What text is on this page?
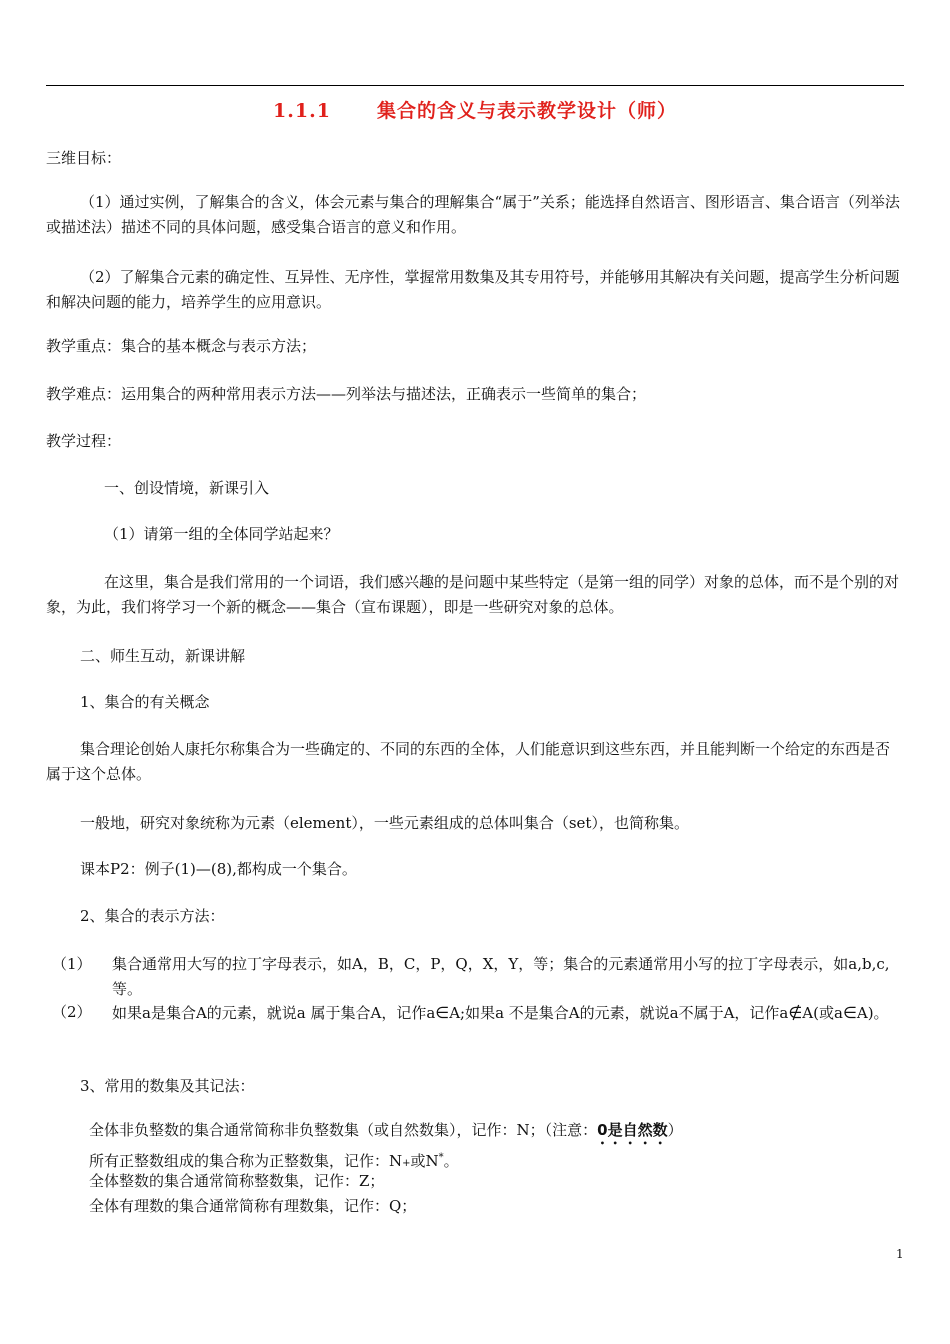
1.1.1 集合的含义与表示教学设计（师）
三维目标：
（1）通过实例，了解集合的含义，体会元素与集合的理解集合“属于”关系；能选择自然语言、图形语言、集合语言（列举法或描述法）描述不同的具体问题，感受集合语言的意义和作用。
（2）了解集合元素的确定性、互异性、无序性，掌握常用数集及其专用符号，并能够用其解决有关问题，提高学生分析问题和解决问题的能力，培养学生的应用意识。
教学重点：集合的基本概念与表示方法；
教学难点：运用集合的两种常用表示方法——列举法与描述法，正确表示一些简单的集合；
教学过程：
一、创设情境，新课引入
（1）请第一组的全体同学站起来？
在这里，集合是我们常用的一个词语，我们感兴趣的是问题中某些特定（是第一组的同学）对象的总体，而不是个别的对象，为此，我们将学习一个新的概念——集合（宣布课题），即是一些研究对象的总体。
二、师生互动，新课讲解
1、集合的有关概念
集合理论创始人康托尔称集合为一些确定的、不同的东西的全体，人们能意识到这些东西，并且能判断一个给定的东西是否属于这个总体。
一般地，研究对象统称为元素（element），一些元素组成的总体叫集合（set），也简称集。
课本P2：例子(1)—(8),都构成一个集合。
2、集合的表示方法：
（1） 集合通常用大写的拉丁字母表示，如A，B，C，P，Q，X，Y，等；集合的元素通常用小写的拉丁字母表示，如a,b,c,等。
（2） 如果a是集合A的元素，就说a 属于集合A，记作a∈A;如果a 不是集合A的元素，就说a不属于A，记作a∉A(或a∈A)。
3、常用的数集及其记法：
全体非负整数的集合通常简称非负整数集（或自然数集），记作：N；（注意：0是自然数）
所有正整数组成的集合称为正整数集，记作：N+或N*。
全体整数的集合通常简称整数集，记作：Z；
全体有理数的集合通常简称有理数集，记作：Q；
1
